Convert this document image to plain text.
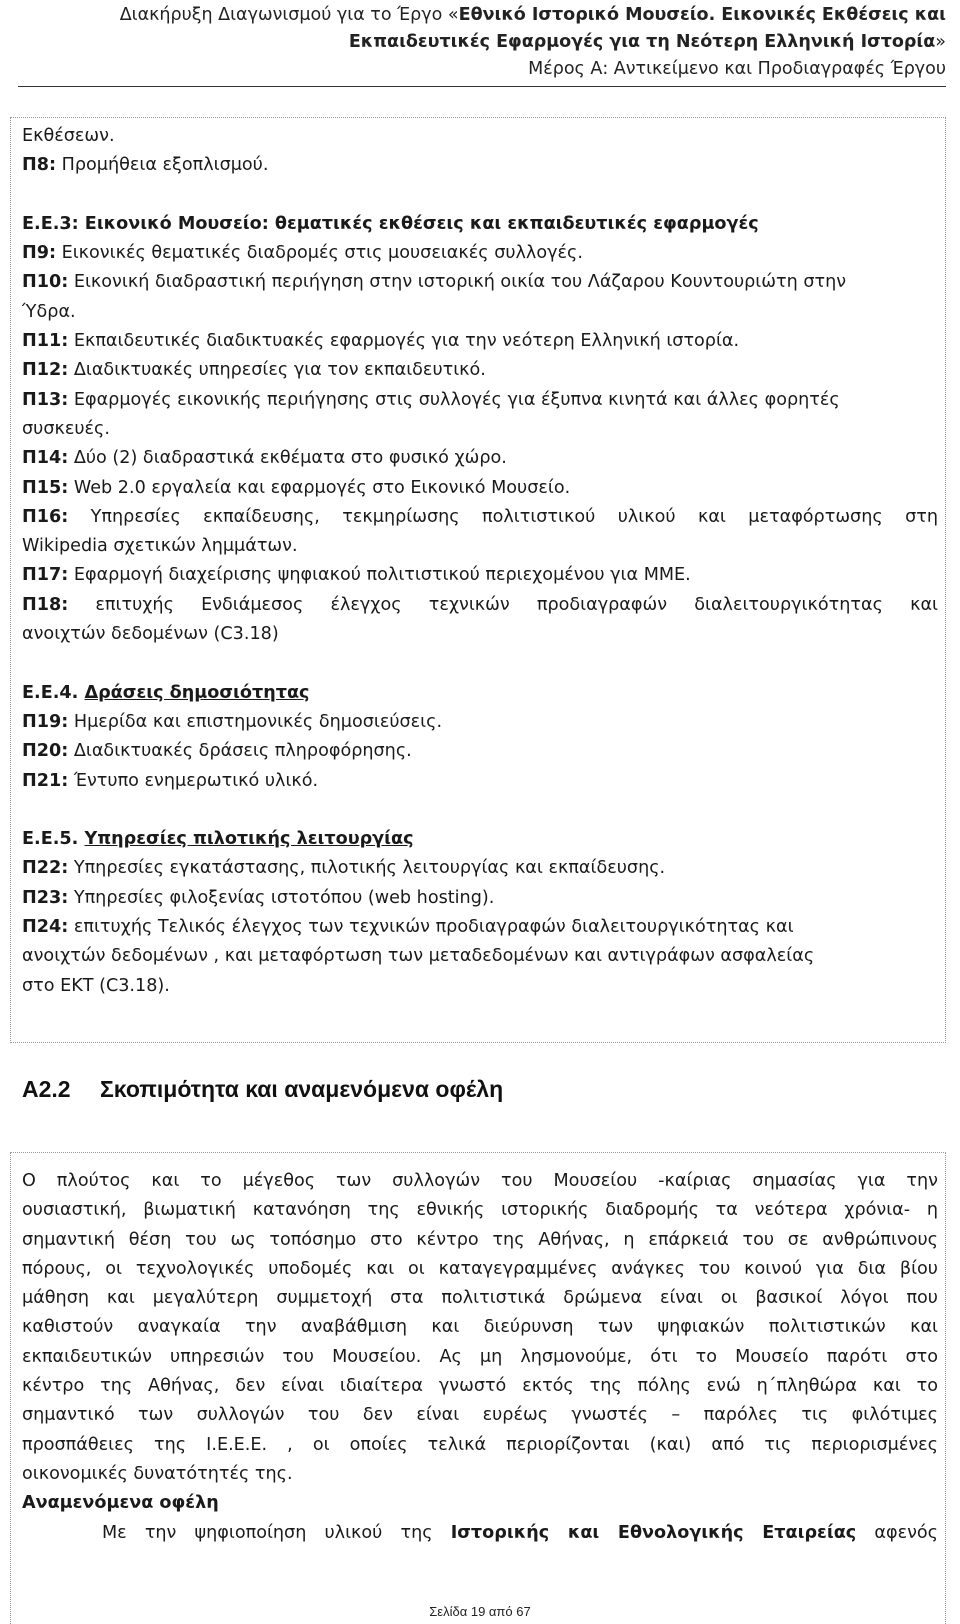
Διακήρυξη Διαγωνισμού για το Έργο «Εθνικό Ιστορικό Μουσείο. Εικονικές Εκθέσεις και
Εκπαιδευτικές Εφαρμογές για τη Νεότερη Ελληνική Ιστορία»
Μέρος Α: Αντικείμενο και Προδιαγραφές Έργου
Εκθέσεων.
Π8: Προμήθεια εξοπλισμού.
Ε.Ε.3: Εικονικό Μουσείο: θεματικές εκθέσεις και εκπαιδευτικές εφαρμογές
Π9: Εικονικές θεματικές διαδρομές στις μουσειακές συλλογές.
Π10: Εικονική διαδραστική περιήγηση στην ιστορική οικία του Λάζαρου Κουντουριώτη στην
Ύδρα.
Π11: Εκπαιδευτικές διαδικτυακές εφαρμογές για την νεότερη Ελληνική ιστορία.
Π12: Διαδικτυακές υπηρεσίες για τον εκπαιδευτικό.
Π13: Εφαρμογές εικονικής περιήγησης στις συλλογές για έξυπνα κινητά και άλλες φορητές
συσκευές.
Π14: Δύο (2) διαδραστικά εκθέματα στο φυσικό χώρο.
Π15: Web 2.0 εργαλεία και εφαρμογές στο Εικονικό Μουσείο.
Π16: Υπηρεσίες εκπαίδευσης, τεκμηρίωσης πολιτιστικού υλικού και μεταφόρτωσης στη
Wikipedia σχετικών λημμάτων.
Π17: Εφαρμογή διαχείρισης ψηφιακού πολιτιστικού περιεχομένου για ΜΜΕ.
Π18: επιτυχής Ενδιάμεσος έλεγχος τεχνικών προδιαγραφών διαλειτουργικότητας και
ανοιχτών δεδομένων (C3.18)
Ε.Ε.4. Δράσεις δημοσιότητας
Π19: Ημερίδα και επιστημονικές δημοσιεύσεις.
Π20: Διαδικτυακές δράσεις πληροφόρησης.
Π21: Έντυπο ενημερωτικό υλικό.
Ε.Ε.5. Υπηρεσίες πιλοτικής λειτουργίας
Π22: Υπηρεσίες εγκατάστασης, πιλοτικής λειτουργίας και εκπαίδευσης.
Π23: Υπηρεσίες φιλοξενίας ιστοτόπου (web hosting).
Π24: επιτυχής Τελικός έλεγχος των τεχνικών προδιαγραφών διαλειτουργικότητας και
ανοιχτών δεδομένων , και μεταφόρτωση των μεταδεδομένων και αντιγράφων ασφαλείας
στο ΕΚΤ (C3.18).
A2.2 Σκοπιμότητα και αναμενόμενα οφέλη
Ο πλούτος και το μέγεθος των συλλογών του Μουσείου -καίριας σημασίας για την
ουσιαστική, βιωματική κατανόηση της εθνικής ιστορικής διαδρομής τα νεότερα χρόνια- η
σημαντική θέση του ως τοπόσημο στο κέντρο της Αθήνας, η επάρκειά του σε ανθρώπινους
πόρους, οι τεχνολογικές υποδομές και οι καταγεγραμμένες ανάγκες του κοινού για δια βίου
μάθηση και μεγαλύτερη συμμετοχή στα πολιτιστικά δρώμενα είναι οι βασικοί λόγοι που
καθιστούν αναγκαία την αναβάθμιση και διεύρυνση των ψηφιακών πολιτιστικών και
εκπαιδευτικών υπηρεσιών του Μουσείου. Ας μη λησμονούμε, ότι το Μουσείο παρότι στο
κέντρο της Αθήνας, δεν είναι ιδιαίτερα γνωστό εκτός της πόλης ενώ η΄πληθώρα και το
σημαντικό των συλλογών του δεν είναι ευρέως γνωστές – παρόλες τις φιλότιμες
προσπάθειες της Ι.Ε.Ε.Ε. , οι οποίες τελικά περιορίζονται (και) από τις περιορισμένες
οικονομικές δυνατότητές της.
Αναμενόμενα οφέλη
Με την ψηφιοποίηση υλικού της Ιστορικής και Εθνολογικής Εταιρείας αφενός
Σελίδα 19 από 67
